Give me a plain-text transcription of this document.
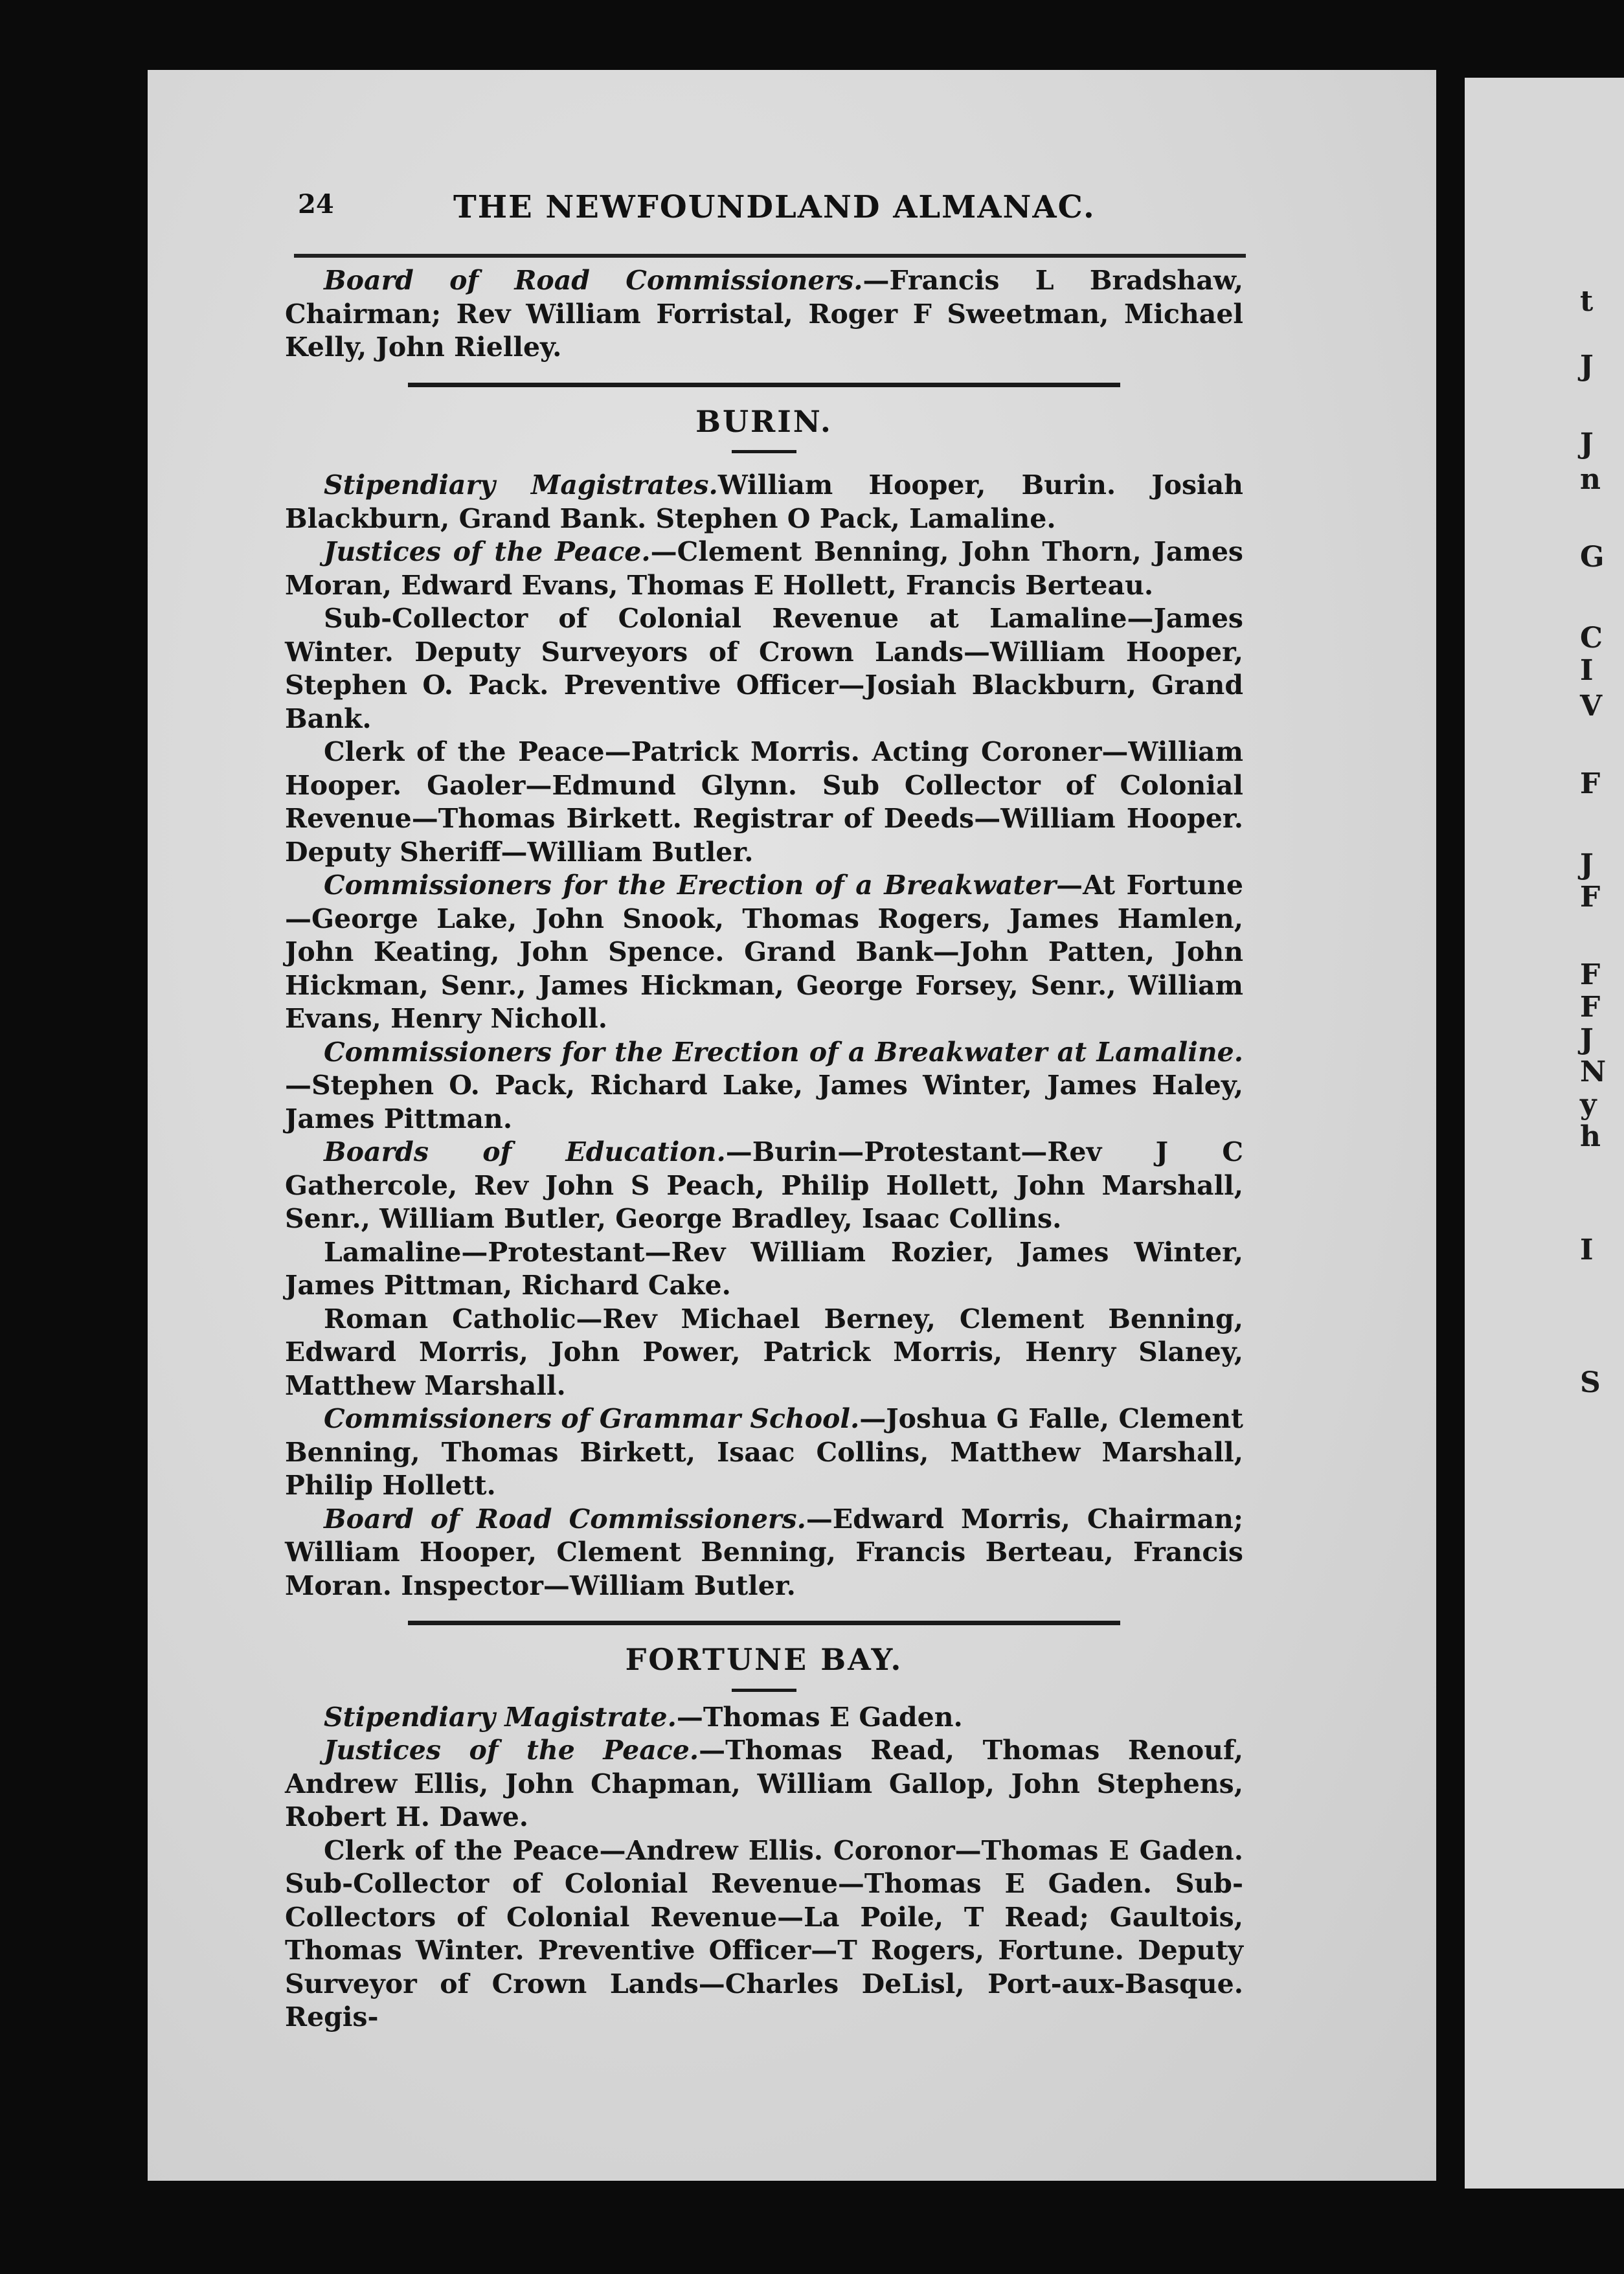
24	THE NEWFOUNDLAND ALMANAC.

Board of Road Commissioners.—Francis L Bradshaw, Chairman; Rev William Forristal, Roger F Sweetman, Michael Kelly, John Rielley.

BURIN.

Stipendiary Magistrates.William Hooper, Burin. Josiah Blackburn, Grand Bank. Stephen O Pack, Lamaline.

Justices of the Peace.—Clement Benning, John Thorn, James Moran, Edward Evans, Thomas E Hollett, Francis Berteau.

Sub-Collector of Colonial Revenue at Lamaline—James Winter. Deputy Surveyors of Crown Lands—William Hooper, Stephen O. Pack. Preventive Officer—Josiah Blackburn, Grand Bank.

Clerk of the Peace—Patrick Morris. Acting Coroner—William Hooper. Gaoler—Edmund Glynn. Sub Collector of Colonial Revenue—Thomas Birkett. Registrar of Deeds—William Hooper. Deputy Sheriff—William Butler.

Commissioners for the Erection of a Breakwater—At Fortune —George Lake, John Snook, Thomas Rogers, James Hamlen, John Keating, John Spence. Grand Bank—John Patten, John Hickman, Senr., James Hickman, George Forsey, Senr., William Evans, Henry Nicholl.

Commissioners for the Erection of a Breakwater at Lamaline.—Stephen O. Pack, Richard Lake, James Winter, James Haley, James Pittman.

Boards of Education.—Burin—Protestant—Rev J C Gathercole, Rev John S Peach, Philip Hollett, John Marshall, Senr., William Butler, George Bradley, Isaac Collins.

Lamaline—Protestant—Rev William Rozier, James Winter, James Pittman, Richard Cake.

Roman Catholic—Rev Michael Berney, Clement Benning, Edward Morris, John Power, Patrick Morris, Henry Slaney, Matthew Marshall.

Commissioners of Grammar School.—Joshua G Falle, Clement Benning, Thomas Birkett, Isaac Collins, Matthew Marshall, Philip Hollett.

Board of Road Commissioners.—Edward Morris, Chairman; William Hooper, Clement Benning, Francis Berteau, Francis Moran. Inspector—William Butler.

FORTUNE BAY.

Stipendiary Magistrate.—Thomas E Gaden.

Justices of the Peace.—Thomas Read, Thomas Renouf, Andrew Ellis, John Chapman, William Gallop, John Stephens, Robert H. Dawe.

Clerk of the Peace—Andrew Ellis. Coronor—Thomas E Gaden. Sub-Collector of Colonial Revenue—Thomas E Gaden. Sub-Collectors of Colonial Revenue—La Poile, T Read; Gaultois, Thomas Winter. Preventive Officer—T Rogers, Fortune. Deputy Surveyor of Crown Lands—Charles DeLisl, Port-aux-Basque. Regis-

t
J
J
n
G
C
I
V
F
J
F
F
F
J
N
y
h
I
S
